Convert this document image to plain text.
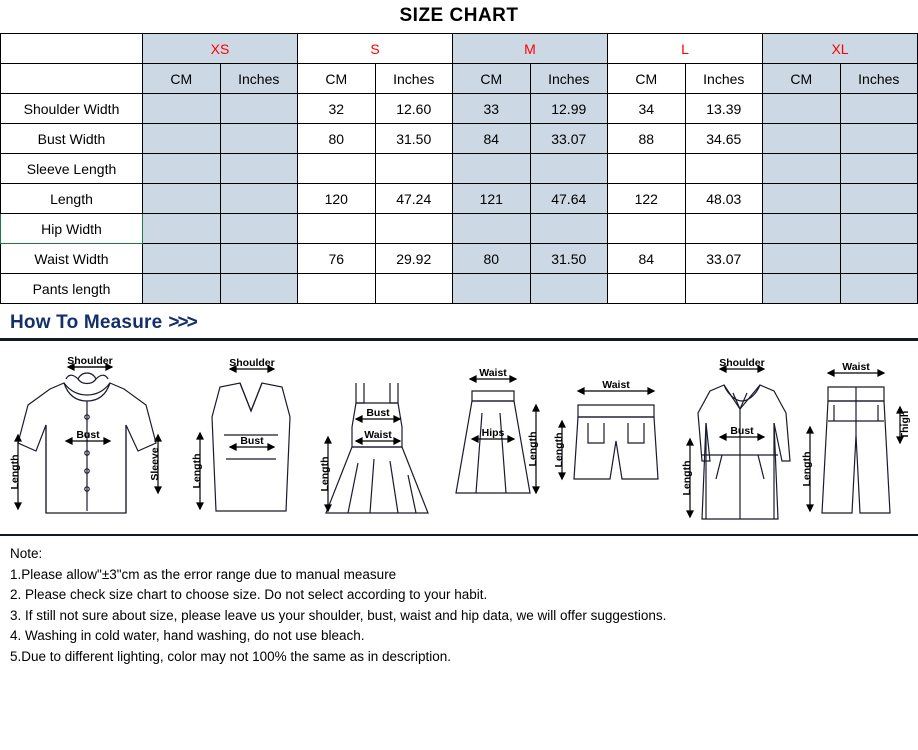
SIZE CHART
	XS		S		M		L		XL	
	CM	Inches	CM	Inches	CM	Inches	CM	Inches	CM	Inches
Shoulder Width			32	12.60	33	12.99	34	13.39		
Bust Width			80	31.50	84	33.07	88	34.65		
Sleeve Length										
Length			120	47.24	121	47.64	122	48.03		
Hip Width										
Waist Width			76	29.92	80	31.50	84	33.07		
Pants length										
How To Measure >>>
Shoulder
Bust
Length	Sleeve
Shoulder
Bust
Length
Bust
Waist
Length
Waist
Hips Length
Waist
Length
Shoulder
Bust
Length
Waist
Length
Thigh
Note:
1.Please allow"±3"cm as the error range due to manual measure
2. Please check size chart to choose size. Do not select according to your habit.
3. If still not sure about size, please leave us your shoulder, bust, waist and hip data, we will offer suggestions.
4. Washing in cold water, hand washing, do not use bleach.
5.Due to different lighting, color may not 100% the same as in description.
